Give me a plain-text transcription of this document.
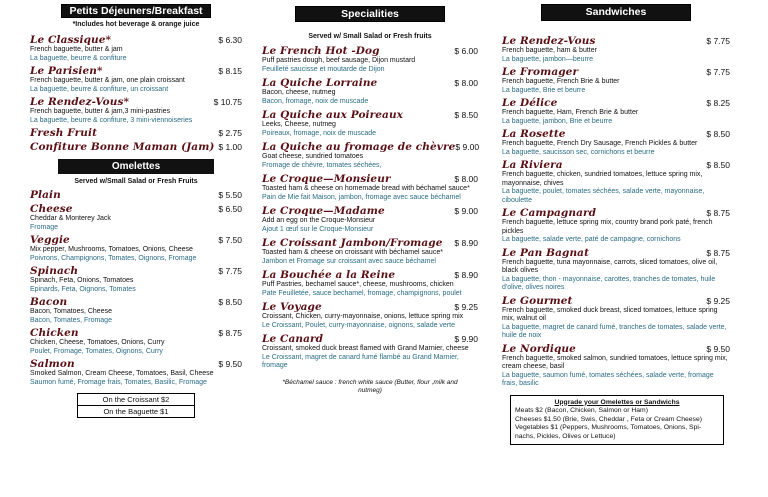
Petits Déjeuners/Breakfast
*Includes hot beverage & orange juice
Le Classique*	$ 6.30
French baguette, butter & jam
La baguette, beurre & confiture
Le Parisien*	$ 8.15
French baguette, butter & jam, one plain croissant
La baguette, beurre & confiture, un croissant
Le Rendez-Vous*	$ 10.75
French baguette, butter & jam,3 mini-pastries
La baguette, beurre & confiture, 3 mini-viennoiseries
Fresh Fruit	$ 2.75
Confiture Bonne Maman (Jam) $ 1.00
Omelettes
Served w/Small Salad or Fresh Fruits
Plain	$ 5.50
Cheese	$ 6.50
Cheddar & Monterey Jack
Fromage
Veggie	$ 7.50
Mix pepper, Mushrooms, Tomatoes, Onions, Cheese
Poivrons, Champignons, Tomates, Oignons, Fromage
Spinach	$ 7.75
Spinach, Feta, Onions, Tomatoes
Epinards, Feta, Oignons, Tomates
Bacon	$ 8.50
Bacon, Tomatoes, Cheese
Bacon, Tomates, Fromage
Chicken	$ 8.75
Chicken, Cheese, Tomatoes, Onions, Curry
Poulet, Fromage, Tomates, Oignons, Curry
Salmon	$ 9.50
Smoked Salmon, Cream Cheese, Tomatoes, Basil, Cheese
Saumon fumé, Fromage frais, Tomates, Basilic, Fromage
On the Croissant $2
On the Baguette $1
Specialities
Served w/ Small Salad or Fresh fruits
Le French Hot -Dog	$ 6.00
Puff pastries dough, beef sausage, Dijon mustard
Feuilleté saucisse et moutarde de Dijon
La Quiche Lorraine	$ 8.00
Bacon, cheese, nutmeg
Bacon, fromage, noix de muscade
La Quiche aux Poireaux	$ 8.50
Leeks, Cheese, nutmeg
Poireaux, fromage, noix de muscade
La Quiche au fromage de chèvre $ 9.00
Goat cheese, sundried tomatoes
Fromage de chèvre, tomates séchées,
Le Croque—Monsieur	$ 8.00
Toasted ham & cheese on homemade bread with béchamel sauce*
Pain de Mie fait Maison, jambon, fromage avec sauce béchamel
Le Croque—Madame	$ 9.00
Add an egg on the Croque-Monsieur
Ajout 1 œuf sur le Croque-Monsieur
Le Croissant Jambon/Fromage $ 8.90
Toasted ham & cheese on croissant with béchamel sauce*
Jambon et Fromage sur croissant avec sauce béchamel
La Bouchée a la Reine	$ 8.90
Puff Pastries, bechamel sauce*, cheese, mushrooms, chicken
Pate Feuilletée, sauce bechamel, fromage, champignons, poulet
Le Voyage	$ 9.25
Croissant, Chicken, curry-mayonnaise, onions, lettuce spring mix
Le Croissant, Poulet, curry-mayonnaise, oignons, salade verte
Le Canard	$ 9.90
Croissant, smoked duck breast flamed with Grand Marnier, cheese
Le Croissant, magret de canard fumé flambé au Grand Marnier, fromage
*Béchamel sauce : french white sauce (Butter, flour ,milk and nutmeg)
Sandwiches
Le Rendez-Vous	$ 7.75
French baguette, ham & butter
La baguette, jambon—beurre
Le Fromager	$ 7.75
French baguette, French Brie & butter
La baguette, Brie et beurre
Le Délice	$ 8.25
French baguette, Ham, French Brie & butter
La baguette, jambon, Brie et beurre
La Rosette	$ 8.50
French baguette, French Dry Sausage, French Pickles & butter
La baguette, saucisson sec, cornichons et beurre
La Riviera	$ 8.50
French baguette, chicken, sundried tomatoes, lettuce spring mix, mayonnaise, chives
La baguette, poulet, tomates séchées, salade verte, mayonnaise, ciboulette
Le Campagnard	$ 8.75
French baguette, lettuce spring mix, country brand pork paté, french pickles
La baguette, salade verte, paté de campagne, cornichons
Le Pan Bagnat	$ 8.75
French baguette, tuna mayonnaise, carrots, sliced tomatoes, olive oil, black olives
La baguette, thon - mayonnaise, carottes, tranches de tomates, huile d'olive, olives noires
Le Gourmet	$ 9.25
French baguette, smoked duck breast, sliced tomatoes, lettuce spring mix, walnut oil
La baguette, magret de canard fumé, tranches de tomates, salade verte, huile de noix
Le Nordique	$ 9.50
French baguette, smoked salmon, sundried tomatoes, lettuce spring mix, cream cheese, basil
La baguette, saumon fumé, tomates séchées, salade verte, fromage frais, basilic
Upgrade your Omelettes or Sandwichs
Meats $2 (Bacon, Chicken, Salmon or Ham)
Cheeses $1.50 (Brie, Swis, Cheddar , Feta or Cream Cheese)
Vegetables $1 (Peppers, Mushrooms, Tomatoes, Onions, Spi-nachs, Pickles, Olives or Lettuce)
